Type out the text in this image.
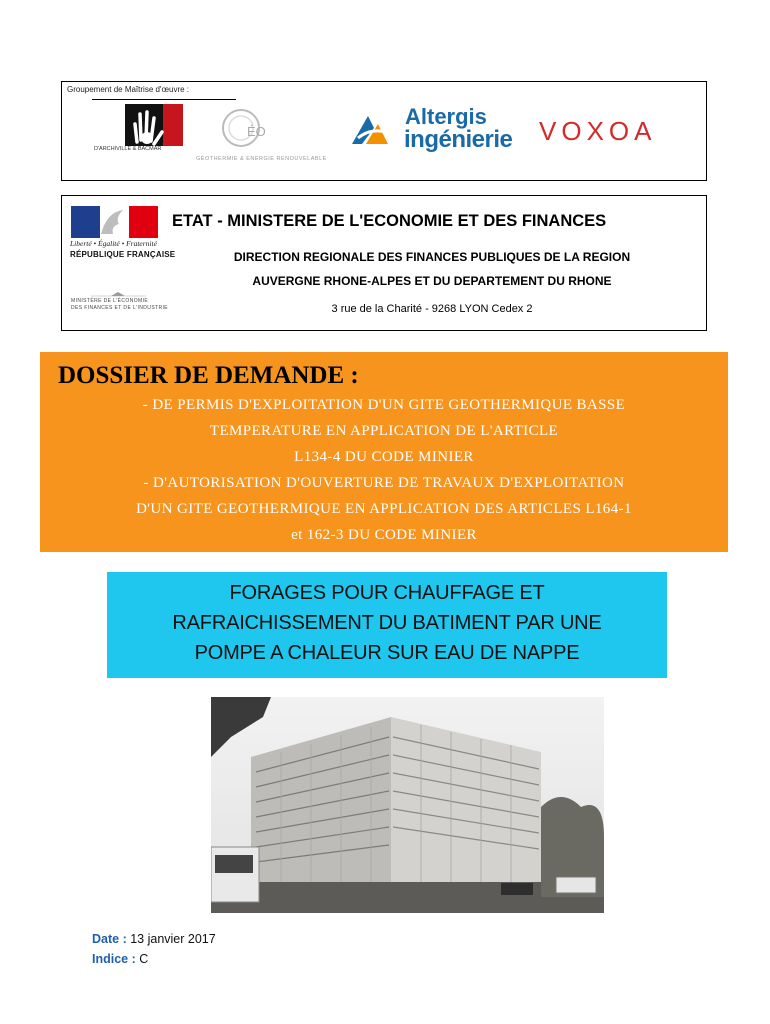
Groupement de Maîtrise d'œuvre :
D'ARCHIVILLE & BACMAR
ÉO
GÉOTHERMIE & ENERGIE RENOUVELABLE
Altergis
ingénierie VOXOA
Liberté • Égalité • Fraternité
RÉPUBLIQUE FRANÇAISE
MINISTÈRE DE L'ÉCONOMIE
DES FINANCES ET DE L'INDUSTRIE
ETAT - MINISTERE DE L'ECONOMIE ET DES FINANCES
DIRECTION REGIONALE DES FINANCES PUBLIQUES DE LA REGION
AUVERGNE RHONE-ALPES ET DU DEPARTEMENT DU RHONE
3 rue de la Charité - 9268 LYON Cedex 2
DOSSIER DE DEMANDE :
- DE PERMIS D'EXPLOITATION D'UN GITE GEOTHERMIQUE BASSE
TEMPERATURE EN APPLICATION DE L'ARTICLE
L134-4 DU CODE MINIER
- D'AUTORISATION D'OUVERTURE DE TRAVAUX D'EXPLOITATION
D'UN GITE GEOTHERMIQUE EN APPLICATION DES ARTICLES L164-1
et 162-3 DU CODE MINIER
FORAGES POUR CHAUFFAGE ET
RAFRAICHISSEMENT DU BATIMENT PAR UNE
POMPE A CHALEUR SUR EAU DE NAPPE
Date : 13 janvier 2017
Indice : C
